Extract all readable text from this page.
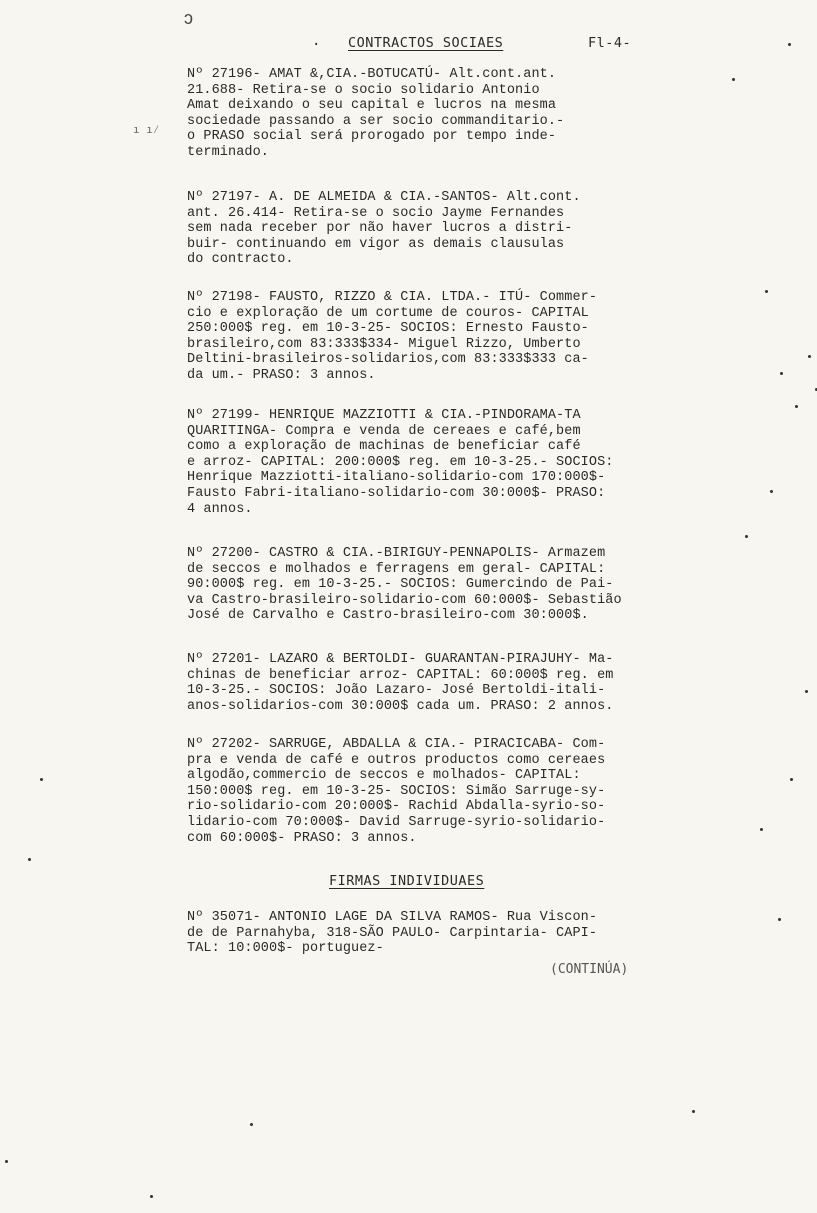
ↄ
· CONTRACTOS SOCIAES	Fl-4-
Nº 27196- AMAT &,CIA.-BOTUCATÚ- Alt.cont.ant.
21.688- Retira-se o socio solidario Antonio
Amat deixando o seu capital e lucros na mesma
sociedade passando a ser socio commanditario.-
o PRASO social será prorogado por tempo inde-
terminado.
Nº 27197- A. DE ALMEIDA & CIA.-SANTOS- Alt.cont.
ant. 26.414- Retira-se o socio Jayme Fernandes
sem nada receber por não haver lucros a distri-
buir- continuando em vigor as demais clausulas
do contracto.
Nº 27198- FAUSTO, RIZZO & CIA. LTDA.- ITÚ- Commer-
cio e exploração de um cortume de couros- CAPITAL
250:000$ reg. em 10-3-25- SOCIOS: Ernesto Fausto-
brasileiro,com 83:333$334- Miguel Rizzo, Umberto
Deltini-brasileiros-solidarios,com 83:333$333 ca-
da um.- PRASO: 3 annos.
Nº 27199- HENRIQUE MAZZIOTTI & CIA.-PINDORAMA-TA
QUARITINGA- Compra e venda de cereaes e café,bem
como a exploração de machinas de beneficiar café
e arroz- CAPITAL: 200:000$ reg. em 10-3-25.- SOCIOS:
Henrique Mazziotti-italiano-solidario-com 170:000$-
Fausto Fabri-italiano-solidario-com 30:000$- PRASO:
4 annos.
Nº 27200- CASTRO & CIA.-BIRIGUY-PENNAPOLIS- Armazem
de seccos e molhados e ferragens em geral- CAPITAL:
90:000$ reg. em 10-3-25.- SOCIOS: Gumercindo de Pai-
va Castro-brasileiro-solidario-com 60:000$- Sebastião
José de Carvalho e Castro-brasileiro-com 30:000$.
Nº 27201- LAZARO & BERTOLDI- GUARANTAN-PIRAJUHY- Ma-
chinas de beneficiar arroz- CAPITAL: 60:000$ reg. em
10-3-25.- SOCIOS: João Lazaro- José Bertoldi-itali-
anos-solidarios-com 30:000$ cada um. PRASO: 2 annos.
Nº 27202- SARRUGE, ABDALLA & CIA.- PIRACICABA- Com-
pra e venda de café e outros productos como cereaes
algodão,commercio de seccos e molhados- CAPITAL:
150:000$ reg. em 10-3-25- SOCIOS: Simão Sarruge-sy-
rio-solidario-com 20:000$- Rachid Abdalla-syrio-so-
lidario-com 70:000$- David Sarruge-syrio-solidario-
com 60:000$- PRASO: 3 annos.
FIRMAS INDIVIDUAES
Nº 35071- ANTONIO LAGE DA SILVA RAMOS- Rua Viscon-
de de Parnahyba, 318-SÃO PAULO- Carpintaria- CAPI-
TAL: 10:000$- portuguez-
(CONTINÚA)
ı ı⁄
